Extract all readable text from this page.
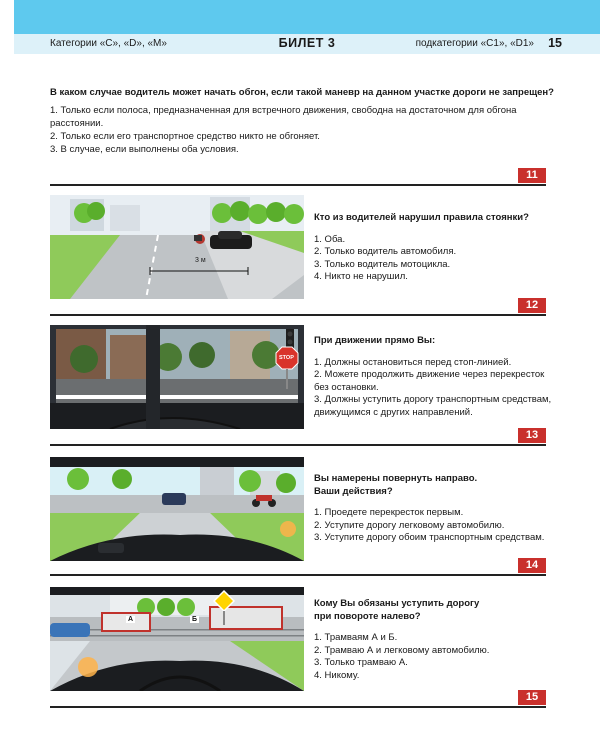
Категории «С», «D», «М»	БИЛЕТ 3	подкатегории «С1», «D1» 15

В каком случае водитель может начать обгон, если такой маневр на данном участке дороги не запрещен?

1. Только если полоса, предназначенная для встречного движения, свободна на достаточном для обгона расстоянии.

2. Только если его транспортное средство никто не обгоняет.

3. В случае, если выполнены оба условия.

11
3 м

Кто из водителей нарушил правила стоянки?

1. Оба.

2. Только водитель автомобиля.

3. Только водитель мотоцикла.

4. Никто не нарушил.

12
STOP

При движении прямо Вы:

1. Должны остановиться перед стоп-линией.

2. Можете продолжить движение через перекресток без остановки.

3. Должны уступить дорогу транспортным средствам, движущимся с других направлений.

13

Вы намерены повернуть направо.
Ваши действия?

1. Проедете перекресток первым.

2. Уступите дорогу легковому автомобилю.

3. Уступите дорогу обоим транспортным средствам.

14
А	Б

Кому Вы обязаны уступить дорогу
при повороте налево?

1. Трамваям А и Б.

2. Трамваю А и легковому автомобилю.

3. Только трамваю А.

4. Никому.

15
